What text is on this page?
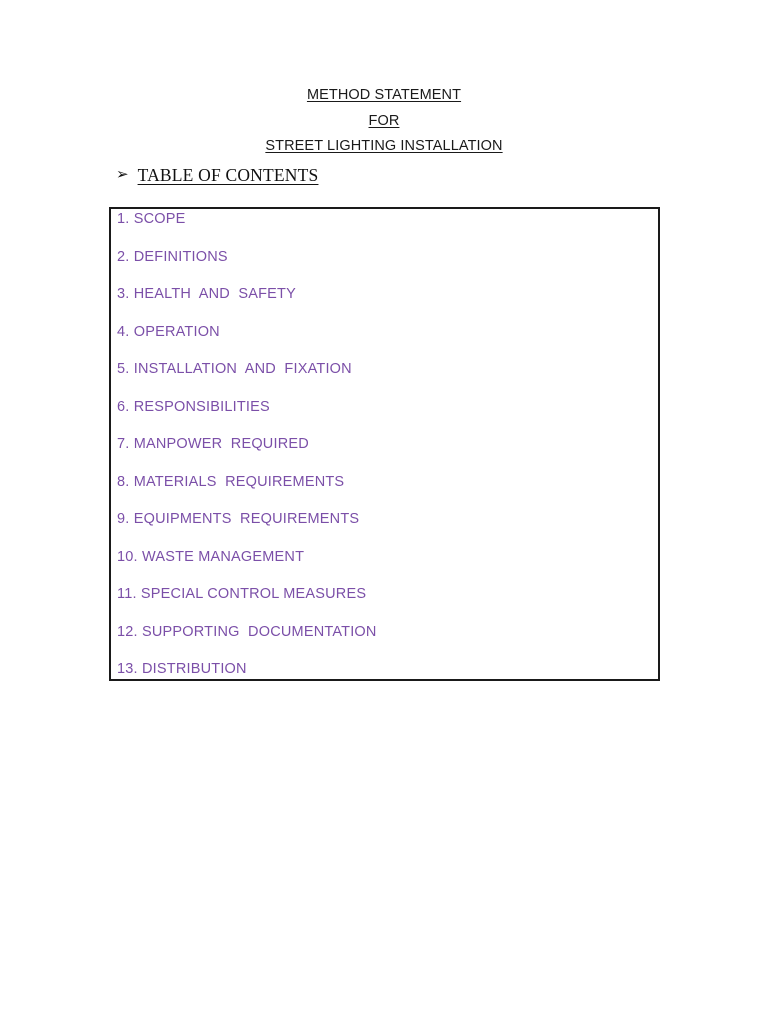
METHOD STATEMENT
FOR
STREET LIGHTING INSTALLATION
➢ TABLE OF CONTENTS
1. SCOPE
2. DEFINITIONS
3. HEALTH  AND  SAFETY
4. OPERATION
5. INSTALLATION  AND  FIXATION
6. RESPONSIBILITIES
7. MANPOWER  REQUIRED
8. MATERIALS  REQUIREMENTS
9. EQUIPMENTS  REQUIREMENTS
10. WASTE MANAGEMENT
11. SPECIAL CONTROL MEASURES
12. SUPPORTING  DOCUMENTATION
13. DISTRIBUTION
